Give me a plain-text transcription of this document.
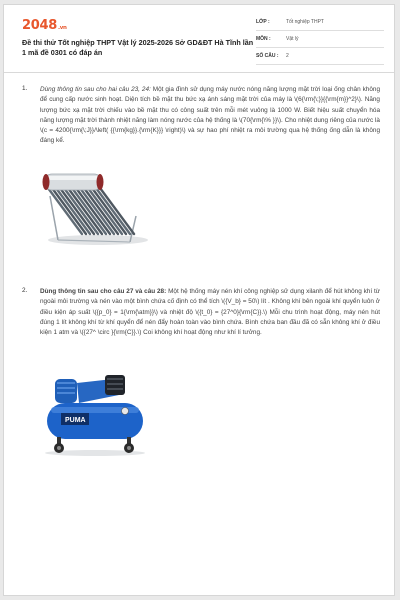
2048.vn
Đề thi thử Tốt nghiệp THPT Vật lý 2025-2026 Sở GD&ĐT Hà Tĩnh lần 1 mã đề 0301 có đáp án
LỚP :	Tốt nghiệp THPT
MÔN :	Vật lý
SỐ CÂU : 2
1. Dùng thông tin sau cho hai câu 23, 24: Một gia đình sử dụng máy nước nóng năng lượng mặt trời loại ống chân không để cung cấp nước sinh hoạt. Diện tích bề mặt thu bức xạ ánh sáng mặt trời của máy là \(6{\rm{\;}}{{\rm{m}}^2}\). Năng lượng bức xạ mặt trời chiếu vào bề mặt thu có công suất trên mỗi mét vuông là 1000 W. Biết hiệu suất chuyển hóa năng lượng mặt trời thành nhiệt năng làm nóng nước của hệ thống là \(70{\rm{\% }}\). Cho nhiệt dung riêng của nước là \(c = 4200{\rm{\;J}}/\left( {{\rm{kg}}.{\rm{K}}} \right)\) và sự hao phí nhiệt ra môi trường qua hệ thống ống dẫn là không đáng kể.
2. Dùng thông tin sau cho câu 27 và câu 28: Một hệ thống máy nén khí công nghiệp sử dụng xilanh để hút không khí từ ngoài môi trường và nén vào một bình chứa cố định có thể tích \({V_b} = 50\) lít . Không khí bên ngoài khí quyển luôn ở điều kiện áp suất \({p_0} = 1{\rm{\atm}}\) và nhiệt độ \({t_0} = {27^0}{\rm{C}}.\) Mỗi chu trình hoạt động, máy nén hút đúng 1 lít không khí từ khí quyển để nén đẩy hoàn toàn vào bình chứa. Bình chứa ban đầu đã có sẵn không khí ở điều kiện 1 atm và \({27^ \circ }{\rm{C}}.\) Coi không khí hoạt động như khí lí tưởng.
PUMA
